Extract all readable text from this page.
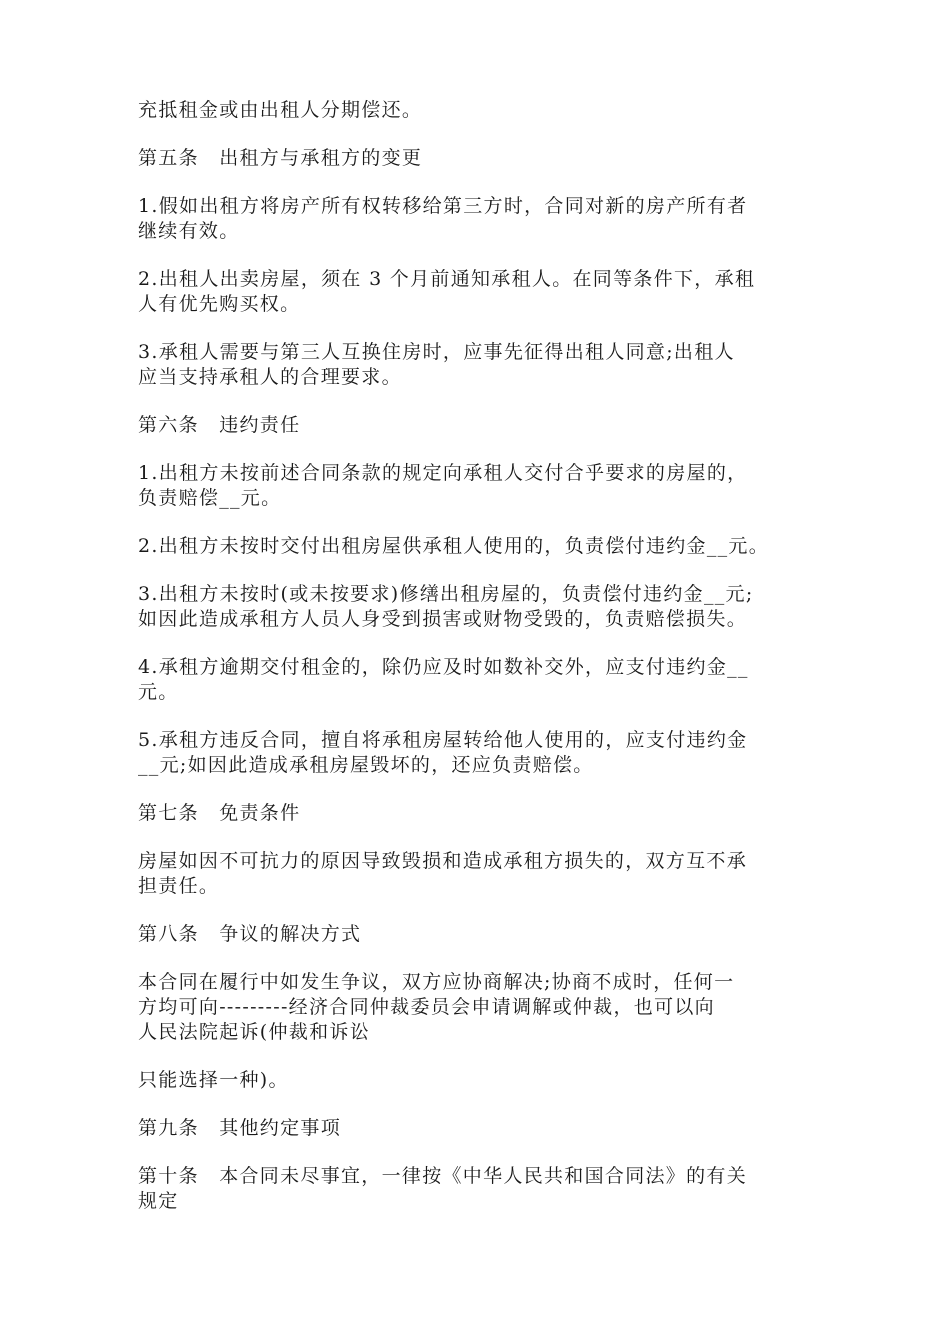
充抵租金或由出租人分期偿还。

第五条　出租方与承租方的变更

1.假如出租方将房产所有权转移给第三方时，合同对新的房产所有者
继续有效。

2.出租人出卖房屋，须在 3 个月前通知承租人。在同等条件下，承租
人有优先购买权。

3.承租人需要与第三人互换住房时，应事先征得出租人同意;出租人
应当支持承租人的合理要求。

第六条　违约责任

1.出租方未按前述合同条款的规定向承租人交付合乎要求的房屋的，
负责赔偿__元。

2.出租方未按时交付出租房屋供承租人使用的，负责偿付违约金__元。

3.出租方未按时(或未按要求)修缮出租房屋的，负责偿付违约金__元;
如因此造成承租方人员人身受到损害或财物受毁的，负责赔偿损失。

4.承租方逾期交付租金的，除仍应及时如数补交外，应支付违约金__
元。

5.承租方违反合同，擅自将承租房屋转给他人使用的，应支付违约金
__元;如因此造成承租房屋毁坏的，还应负责赔偿。

第七条　免责条件

房屋如因不可抗力的原因导致毁损和造成承租方损失的，双方互不承
担责任。

第八条　争议的解决方式

本合同在履行中如发生争议，双方应协商解决;协商不成时，任何一
方均可向---------经济合同仲裁委员会申请调解或仲裁，也可以向
人民法院起诉(仲裁和诉讼

只能选择一种)。

第九条　其他约定事项

第十条　本合同未尽事宜，一律按《中华人民共和国合同法》的有关
规定
